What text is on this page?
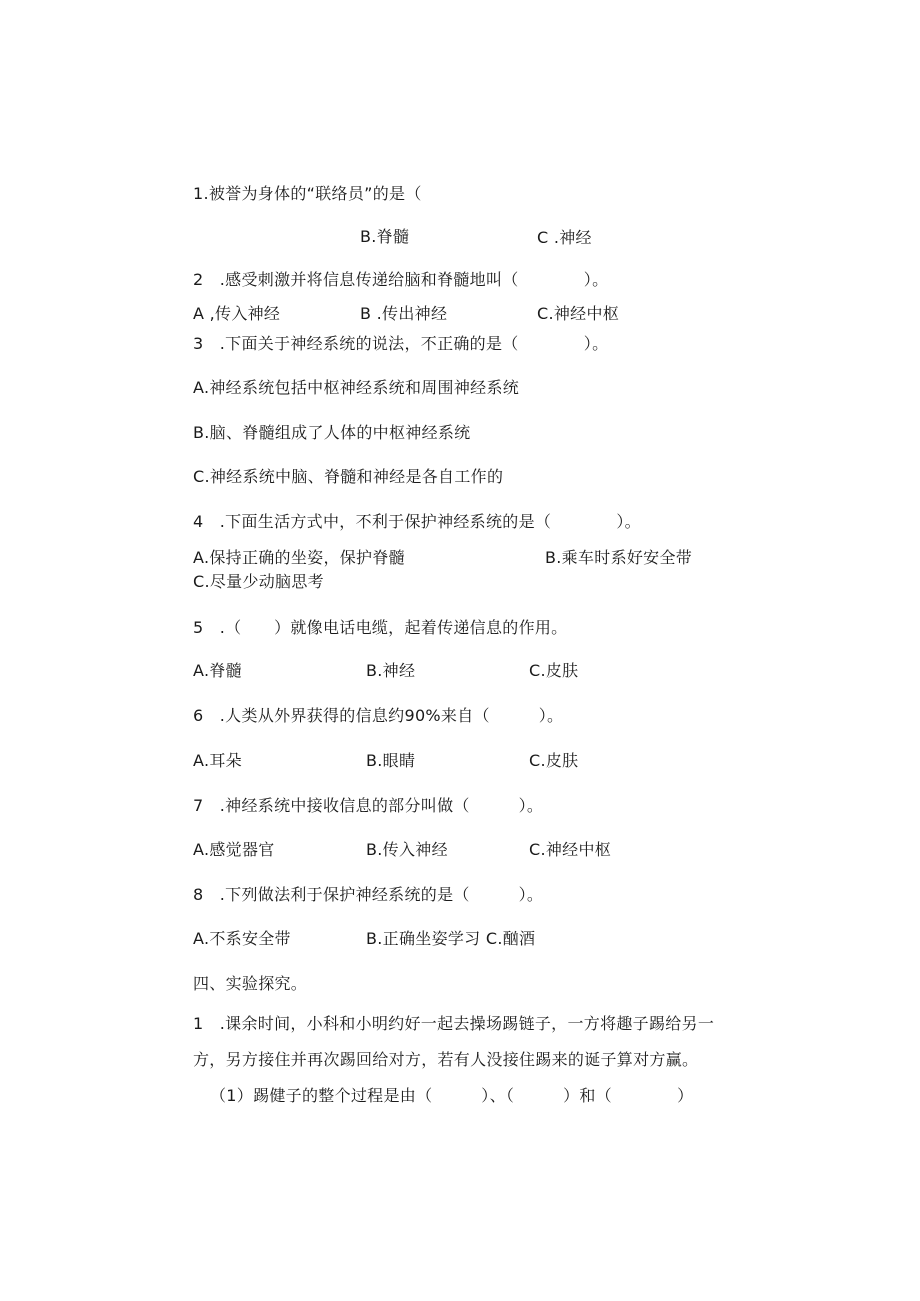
1.被誉为身体的“联络员”的是（
B.脊髓	C .神经
2　.感受刺激并将信息传递给脑和脊髓地叫（　　　　）。
A ,传入神经	B .传出神经	C.神经中枢
3　.下面关于神经系统的说法，不正确的是（　　　　）。
A.神经系统包括中枢神经系统和周围神经系统
B.脑、脊髓组成了人体的中枢神经系统
C.神经系统中脑、脊髓和神经是各自工作的
4　.下面生活方式中，不利于保护神经系统的是（　　　　）。
A.保持正确的坐姿，保护脊髓	B.乘车时系好安全带
C.尽量少动脑思考
5　.（　　）就像电话电缆，起着传递信息的作用。
A.脊髓	B.神经	C.皮肤
6　.人类从外界获得的信息约90%来自（　　　）。
A.耳朵	B.眼睛	C.皮肤
7　.神经系统中接收信息的部分叫做（　　　）。
A.感觉器官	B.传入神经	C.神经中枢
8　.下列做法利于保护神经系统的是（　　　）。
A.不系安全带	B.正确坐姿学习 C.酗酒
四、实验探究。
1　.课余时间，小科和小明约好一起去操场踢链子，一方将趣子踢给另一
方，另方接住并再次踢回给对方，若有人没接住踢来的诞子算对方赢。
（1）踢健子的整个过程是由（　　　）、（　　　）和（　　　　）
